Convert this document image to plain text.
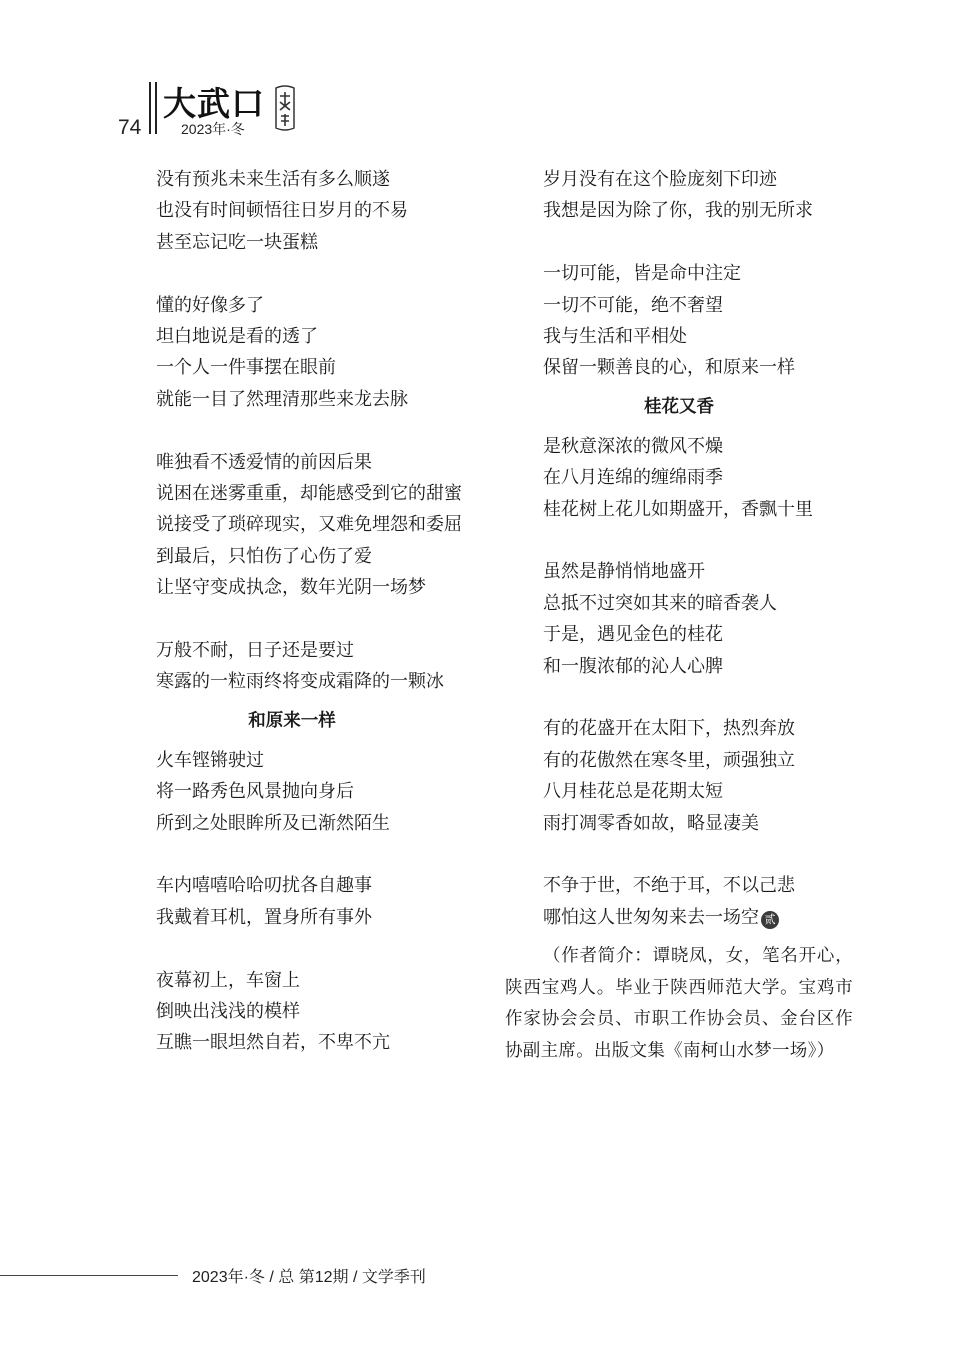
74
大武口
2023年·冬
没有预兆未来生活有多么顺遂
也没有时间顿悟往日岁月的不易
甚至忘记吃一块蛋糕
懂的好像多了
坦白地说是看的透了
一个人一件事摆在眼前
就能一目了然理清那些来龙去脉
唯独看不透爱情的前因后果
说困在迷雾重重，却能感受到它的甜蜜
说接受了琐碎现实，又难免埋怨和委屈
到最后，只怕伤了心伤了爱
让坚守变成执念，数年光阴一场梦
万般不耐，日子还是要过
寒露的一粒雨终将变成霜降的一颗冰
和原来一样
火车铿锵驶过
将一路秀色风景抛向身后
所到之处眼眸所及已渐然陌生
车内嘻嘻哈哈叨扰各自趣事
我戴着耳机，置身所有事外
夜幕初上，车窗上
倒映出浅浅的模样
互瞧一眼坦然自若，不卑不亢
岁月没有在这个脸庞刻下印迹
我想是因为除了你，我的别无所求
一切可能，皆是命中注定
一切不可能，绝不奢望
我与生活和平相处
保留一颗善良的心，和原来一样
桂花又香
是秋意深浓的微风不燥
在八月连绵的缠绵雨季
桂花树上花儿如期盛开，香飘十里
虽然是静悄悄地盛开
总抵不过突如其来的暗香袭人
于是，遇见金色的桂花
和一腹浓郁的沁人心脾
有的花盛开在太阳下，热烈奔放
有的花傲然在寒冬里，顽强独立
八月桂花总是花期太短
雨打凋零香如故，略显凄美
不争于世，不绝于耳，不以己悲
哪怕这人世匆匆来去一场空 贰
（作者简介：谭晓凤，女，笔名开心，陕西宝鸡人。毕业于陕西师范大学。宝鸡市作家协会会员、市职工作协会员、金台区作协副主席。出版文集《南柯山水梦一场》）
2023年·冬 / 总 第12期 / 文学季刊
